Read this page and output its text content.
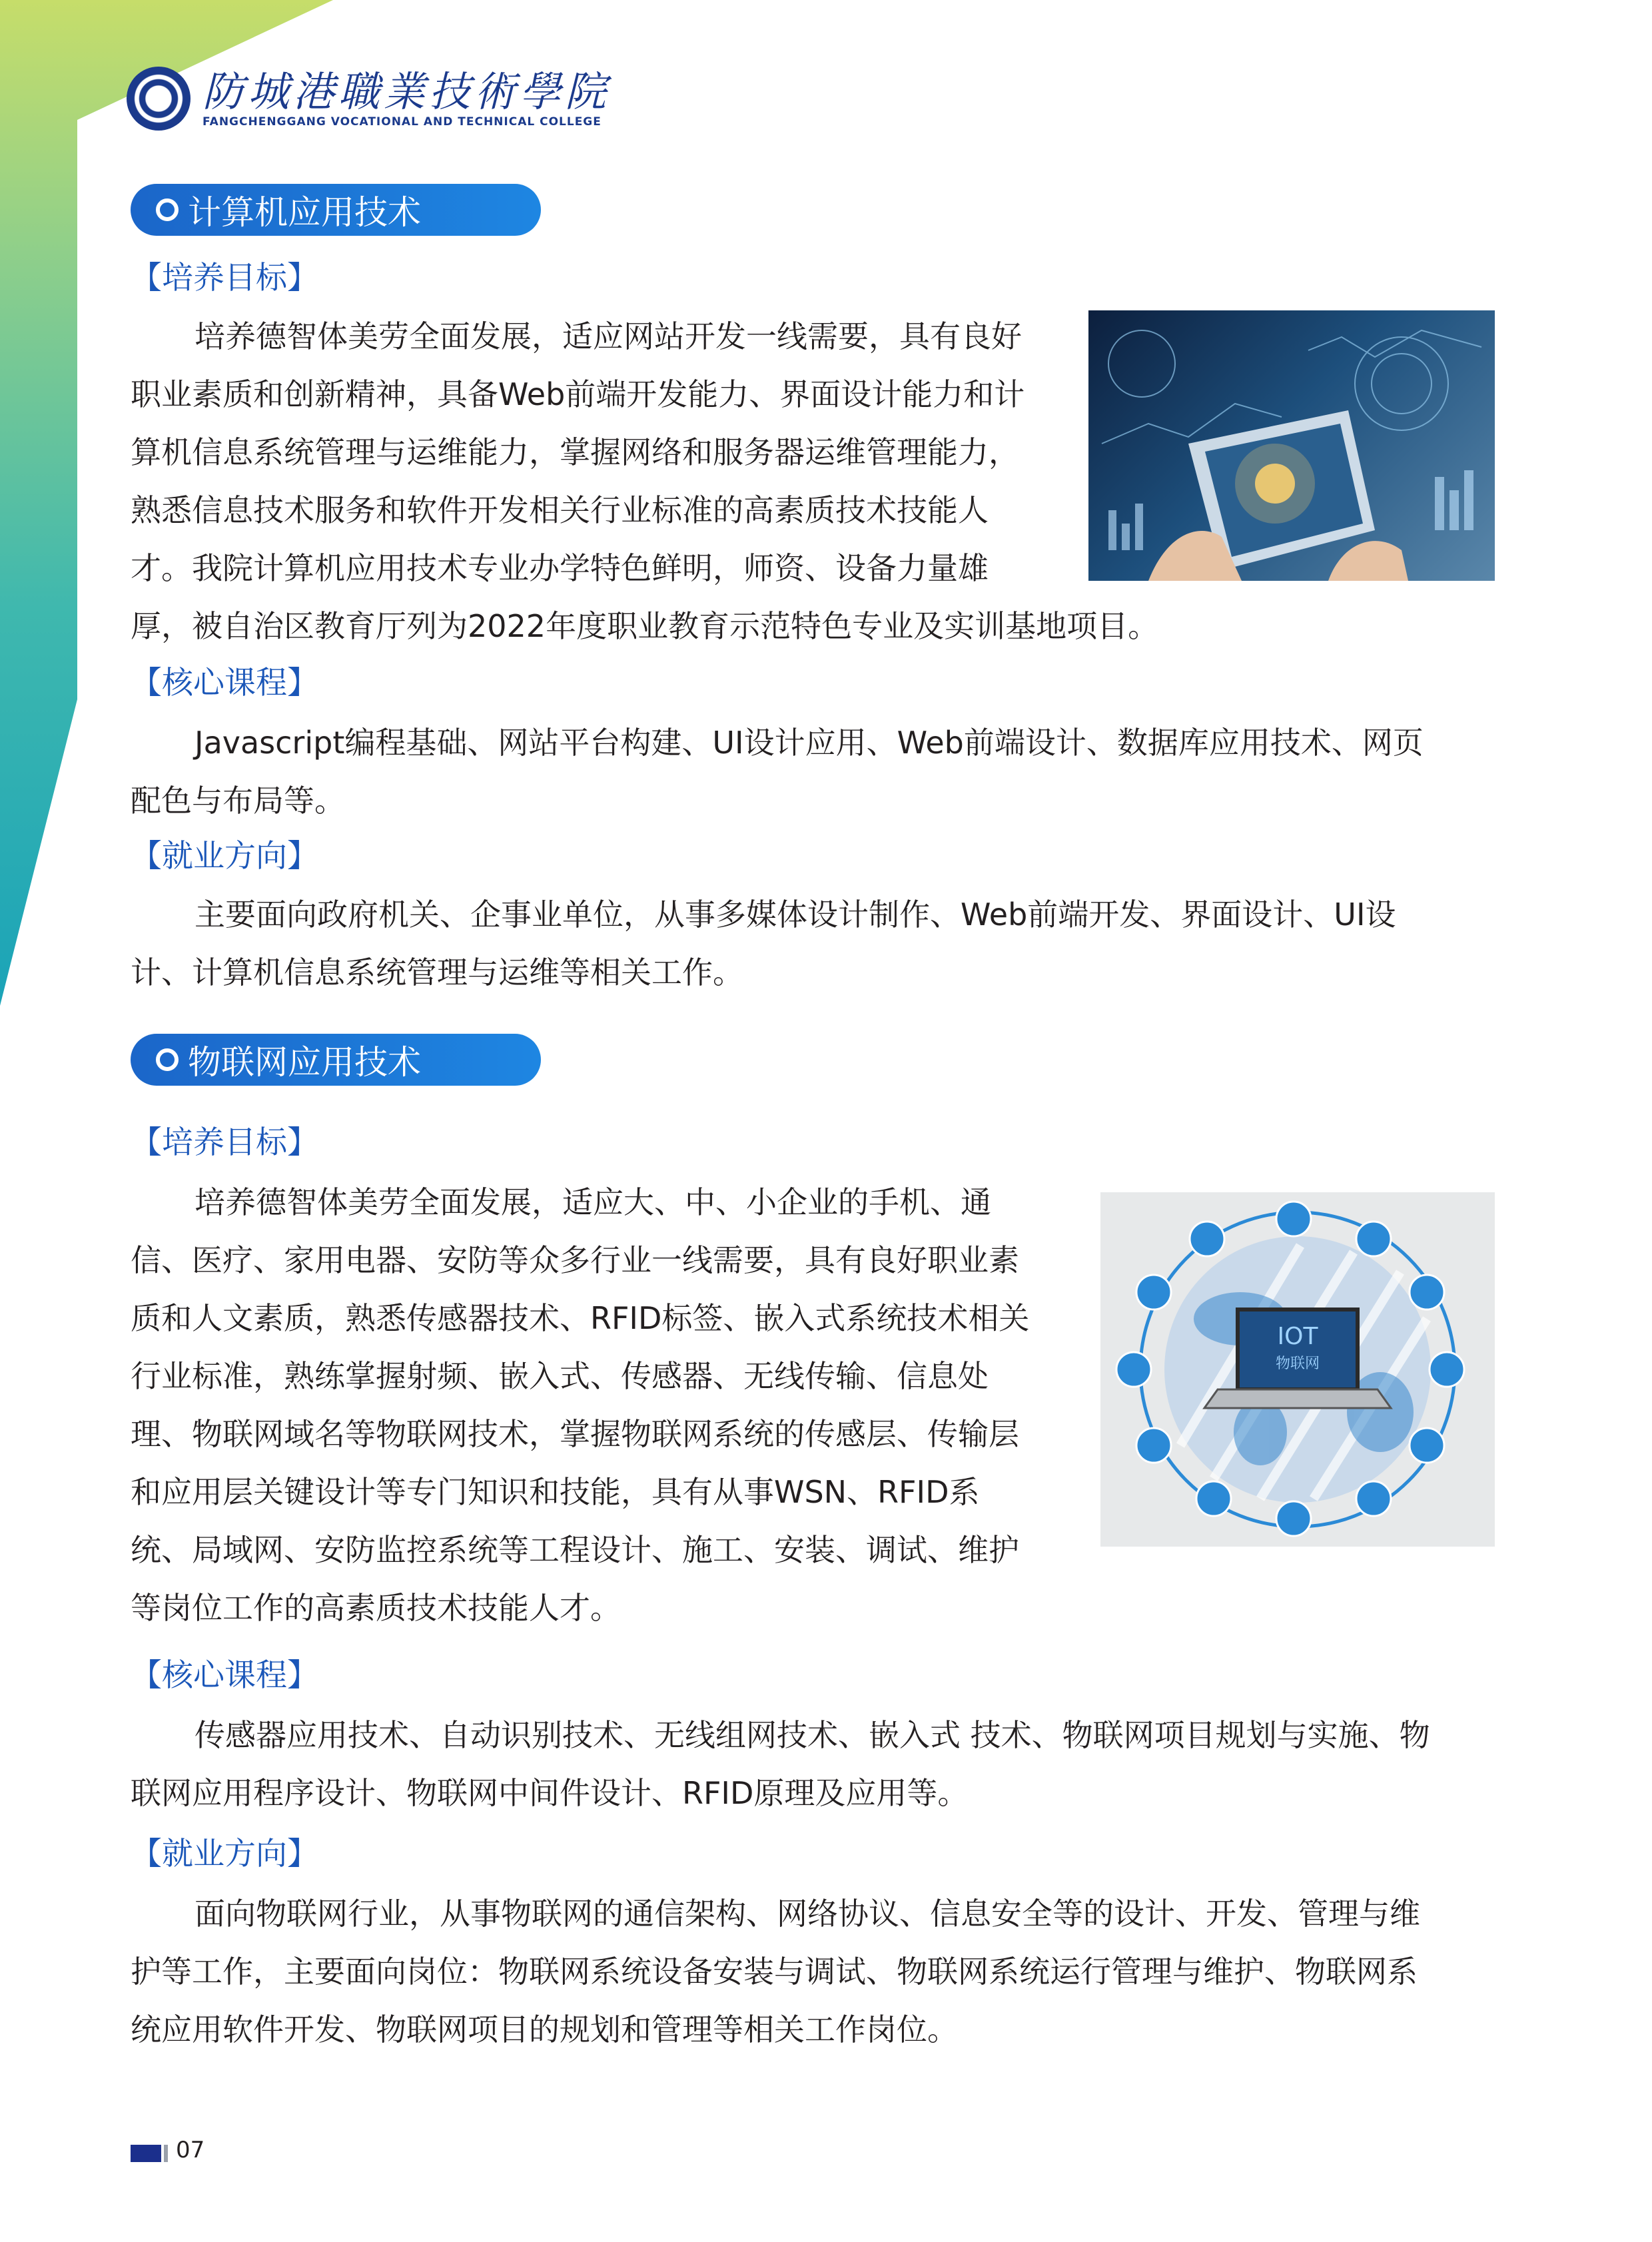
防城港職業技術學院
FANGCHENGGANG VOCATIONAL AND TECHNICAL COLLEGE
计算机应用技术
【培养目标】
培养德智体美劳全面发展，适应网站开发一线需要，具有良好
职业素质和创新精神，具备Web前端开发能力、界面设计能力和计
算机信息系统管理与运维能力，掌握网络和服务器运维管理能力，
熟悉信息技术服务和软件开发相关行业标准的高素质技术技能人
才。我院计算机应用技术专业办学特色鲜明，师资、设备力量雄
厚，被自治区教育厅列为2022年度职业教育示范特色专业及实训基地项目。
【核心课程】
Javascript编程基础、网站平台构建、UI设计应用、Web前端设计、数据库应用技术、网页
配色与布局等。
【就业方向】
主要面向政府机关、企事业单位，从事多媒体设计制作、Web前端开发、界面设计、UI设
计、计算机信息系统管理与运维等相关工作。
物联网应用技术
【培养目标】
培养德智体美劳全面发展，适应大、中、小企业的手机、通
信、医疗、家用电器、安防等众多行业一线需要，具有良好职业素
质和人文素质，熟悉传感器技术、RFID标签、嵌入式系统技术相关
行业标准，熟练掌握射频、嵌入式、传感器、无线传输、信息处
理、物联网域名等物联网技术，掌握物联网系统的传感层、传输层
和应用层关键设计等专门知识和技能，具有从事WSN、RFID系
统、局域网、安防监控系统等工程设计、施工、安装、调试、维护
等岗位工作的高素质技术技能人才。
IOT
物联网
【核心课程】
传感器应用技术、自动识别技术、无线组网技术、嵌入式 技术、物联网项目规划与实施、物
联网应用程序设计、物联网中间件设计、RFID原理及应用等。
【就业方向】
面向物联网行业，从事物联网的通信架构、网络协议、信息安全等的设计、开发、管理与维
护等工作，主要面向岗位：物联网系统设备安装与调试、物联网系统运行管理与维护、物联网系
统应用软件开发、物联网项目的规划和管理等相关工作岗位。
07
